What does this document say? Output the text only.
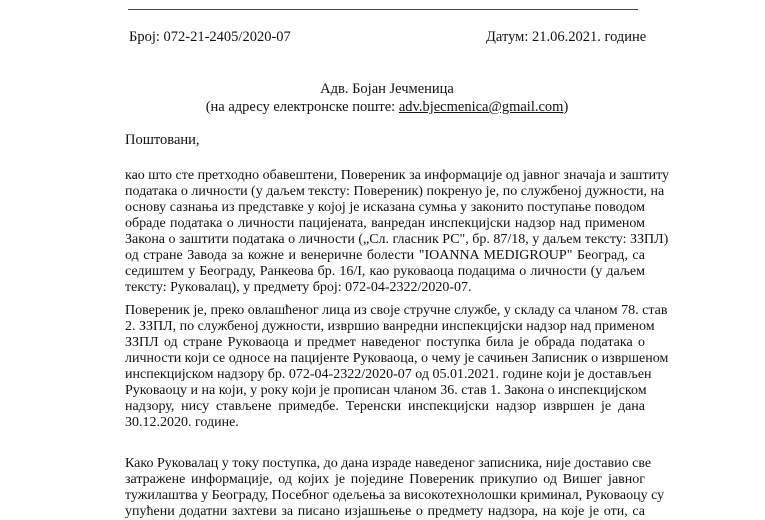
Број: 072-21-2405/2020-07	Датум: 21.06.2021. године
Адв. Бојан Јечменица
(на адресу електронске поште: adv.bjecmenica@gmail.com)
Поштовани,
као што сте претходно обавештени, Повереник за информације од јавног значаја и заштиту
података о личности (у даљем тексту: Повереник) покренуо је, по службеној дужности, на
основу сазнања из представке у којој је исказана сумња у законито поступање поводом
обраде података о личности пацијената, ванредан инспекцијски надзор над применом
Закона о заштити података о личности („Сл. гласник РС", бр. 87/18, у даљем тексту: ЗЗПЛ)
од стране Завода за кожне и венеричне болести "IOANNA MEDIGROUP" Београд, са
седиштем у Београду, Ранкеова бр. 16/I, као руковаоца подацима о личности (у даљем
тексту: Руковалац), у предмету број: 072-04-2322/2020-07.
Повереник је, преко овлашћеног лица из своје стручне службе, у складу са чланом 78. став
2. ЗЗПЛ, по службеној дужности, извршио ванредни инспекцијски надзор над применом
ЗЗПЛ од стране Руковаоца и предмет наведеног поступка била је обрада података о
личности који се односе на пацијенте Руковаоца, о чему је сачињен Записник о извршеном
инспекцијском надзору бр. 072-04-2322/2020-07 од 05.01.2021. године који је достављен
Руковаоцу и на који, у року који је прописан чланом 36. став 1. Закона о инспекцијском
надзору, нису стављене примедбе. Теренски инспекцијски надзор извршен је дана
30.12.2020. године.
Како Руковалац у току поступка, до дана израде наведеног записника, није доставио све
затражене информације, од којих је поједине Повереник прикупио од Вишег јавног
тужилаштва у Београду, Посебног одељења за високотехнолошки криминал, Руковаоцу су
упућени додатни захтеви за писано изјашњење о предмету надзора, на које је оти, са
